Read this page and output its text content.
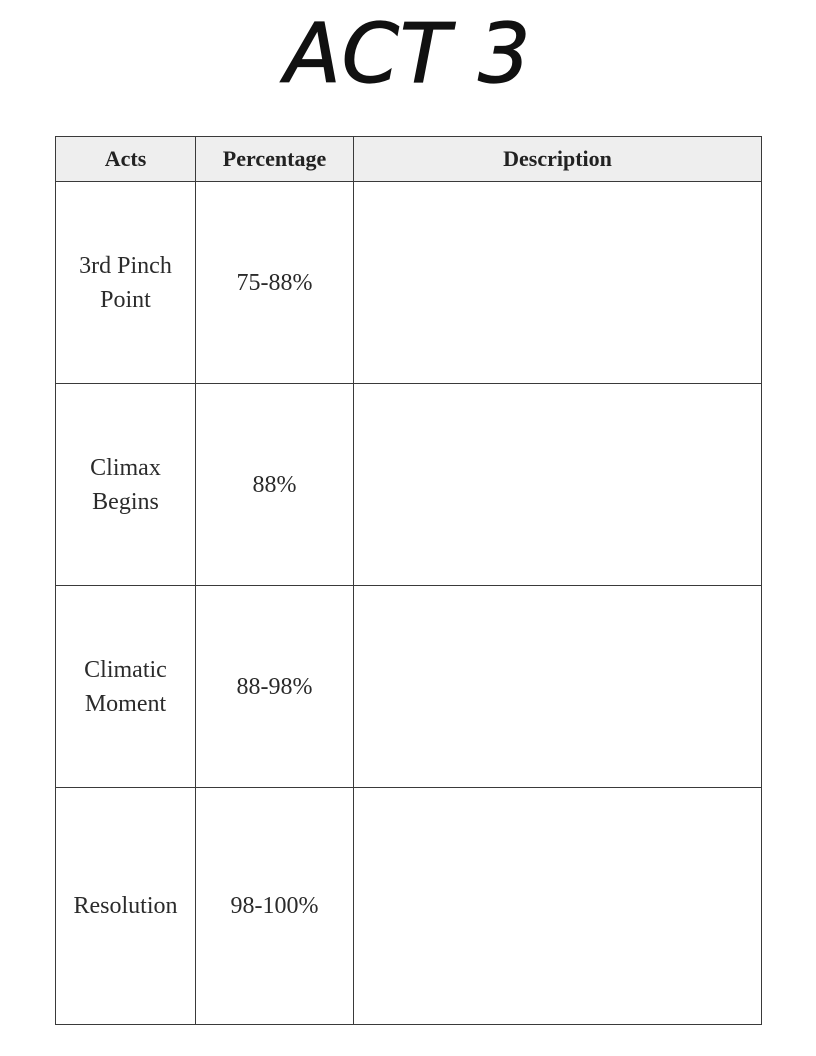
ACT 3
Acts	Percentage	Description

3rd Pinch
Point	75-88%	

Climax
Begins	88%	

Climatic
Moment	88-98%	

Resolution	98-100%	
